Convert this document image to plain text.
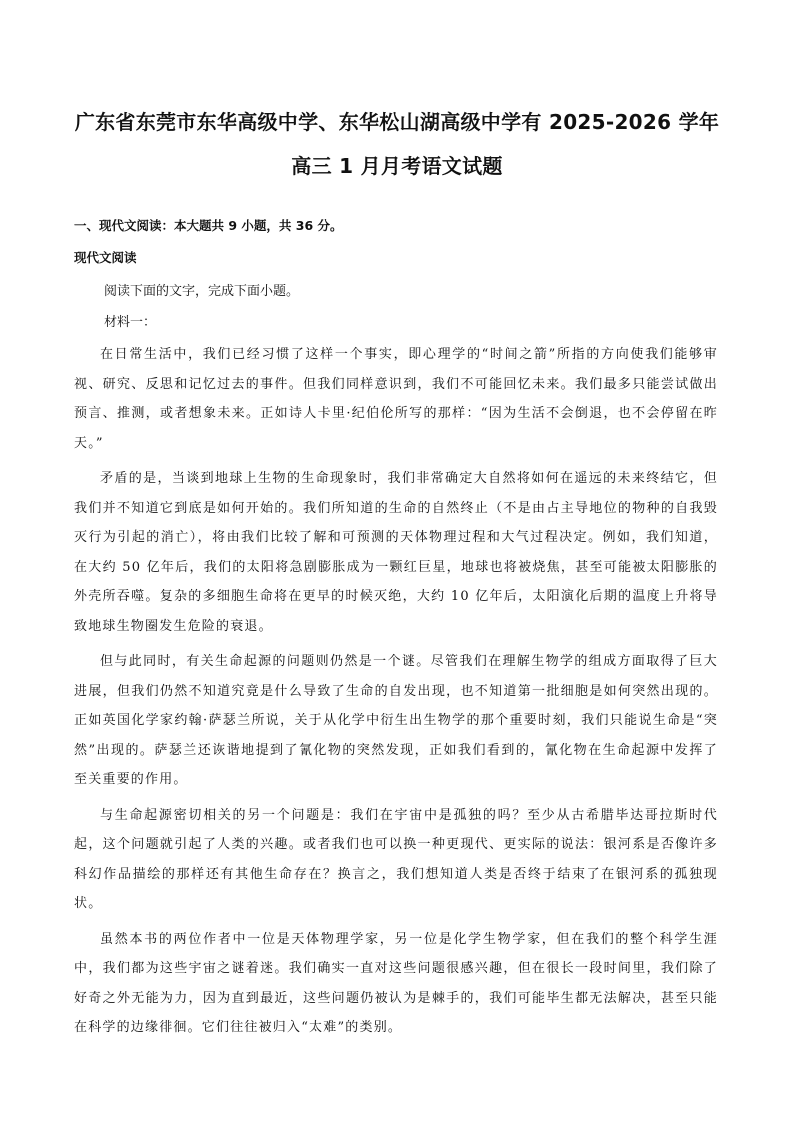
广东省东莞市东华高级中学、东华松山湖高级中学有 2025-2026 学年
高三 1 月月考语文试题

一、现代文阅读：本大题共 9 小题，共 36 分。

现代文阅读

阅读下面的文字，完成下面小题。

材料一：

在日常生活中，我们已经习惯了这样一个事实，即心理学的“时间之箭”所指的方向使我们能够审视、研究、反思和记忆过去的事件。但我们同样意识到，我们不可能回忆未来。我们最多只能尝试做出预言、推测，或者想象未来。正如诗人卡里·纪伯伦所写的那样：“因为生活不会倒退，也不会停留在昨天。”

矛盾的是，当谈到地球上生物的生命现象时，我们非常确定大自然将如何在遥远的未来终结它，但我们并不知道它到底是如何开始的。我们所知道的生命的自然终止（不是由占主导地位的物种的自我毁灭行为引起的消亡），将由我们比较了解和可预测的天体物理过程和大气过程决定。例如，我们知道，在大约 50 亿年后，我们的太阳将急剧膨胀成为一颗红巨星，地球也将被烧焦，甚至可能被太阳膨胀的外壳所吞噬。复杂的多细胞生命将在更早的时候灭绝，大约 10 亿年后，太阳演化后期的温度上升将导致地球生物圈发生危险的衰退。

但与此同时，有关生命起源的问题则仍然是一个谜。尽管我们在理解生物学的组成方面取得了巨大进展，但我们仍然不知道究竟是什么导致了生命的自发出现，也不知道第一批细胞是如何突然出现的。正如英国化学家约翰·萨瑟兰所说，关于从化学中衍生出生物学的那个重要时刻，我们只能说生命是“突然”出现的。萨瑟兰还诙谐地提到了氰化物的突然发现，正如我们看到的，氰化物在生命起源中发挥了至关重要的作用。

与生命起源密切相关的另一个问题是：我们在宇宙中是孤独的吗？至少从古希腊毕达哥拉斯时代起，这个问题就引起了人类的兴趣。或者我们也可以换一种更现代、更实际的说法：银河系是否像许多科幻作品描绘的那样还有其他生命存在？换言之，我们想知道人类是否终于结束了在银河系的孤独现状。

虽然本书的两位作者中一位是天体物理学家，另一位是化学生物学家，但在我们的整个科学生涯中，我们都为这些宇宙之谜着迷。我们确实一直对这些问题很感兴趣，但在很长一段时间里，我们除了好奇之外无能为力，因为直到最近，这些问题仍被认为是棘手的，我们可能毕生都无法解决，甚至只能在科学的边缘徘徊。它们往往被归入“太难”的类别。
